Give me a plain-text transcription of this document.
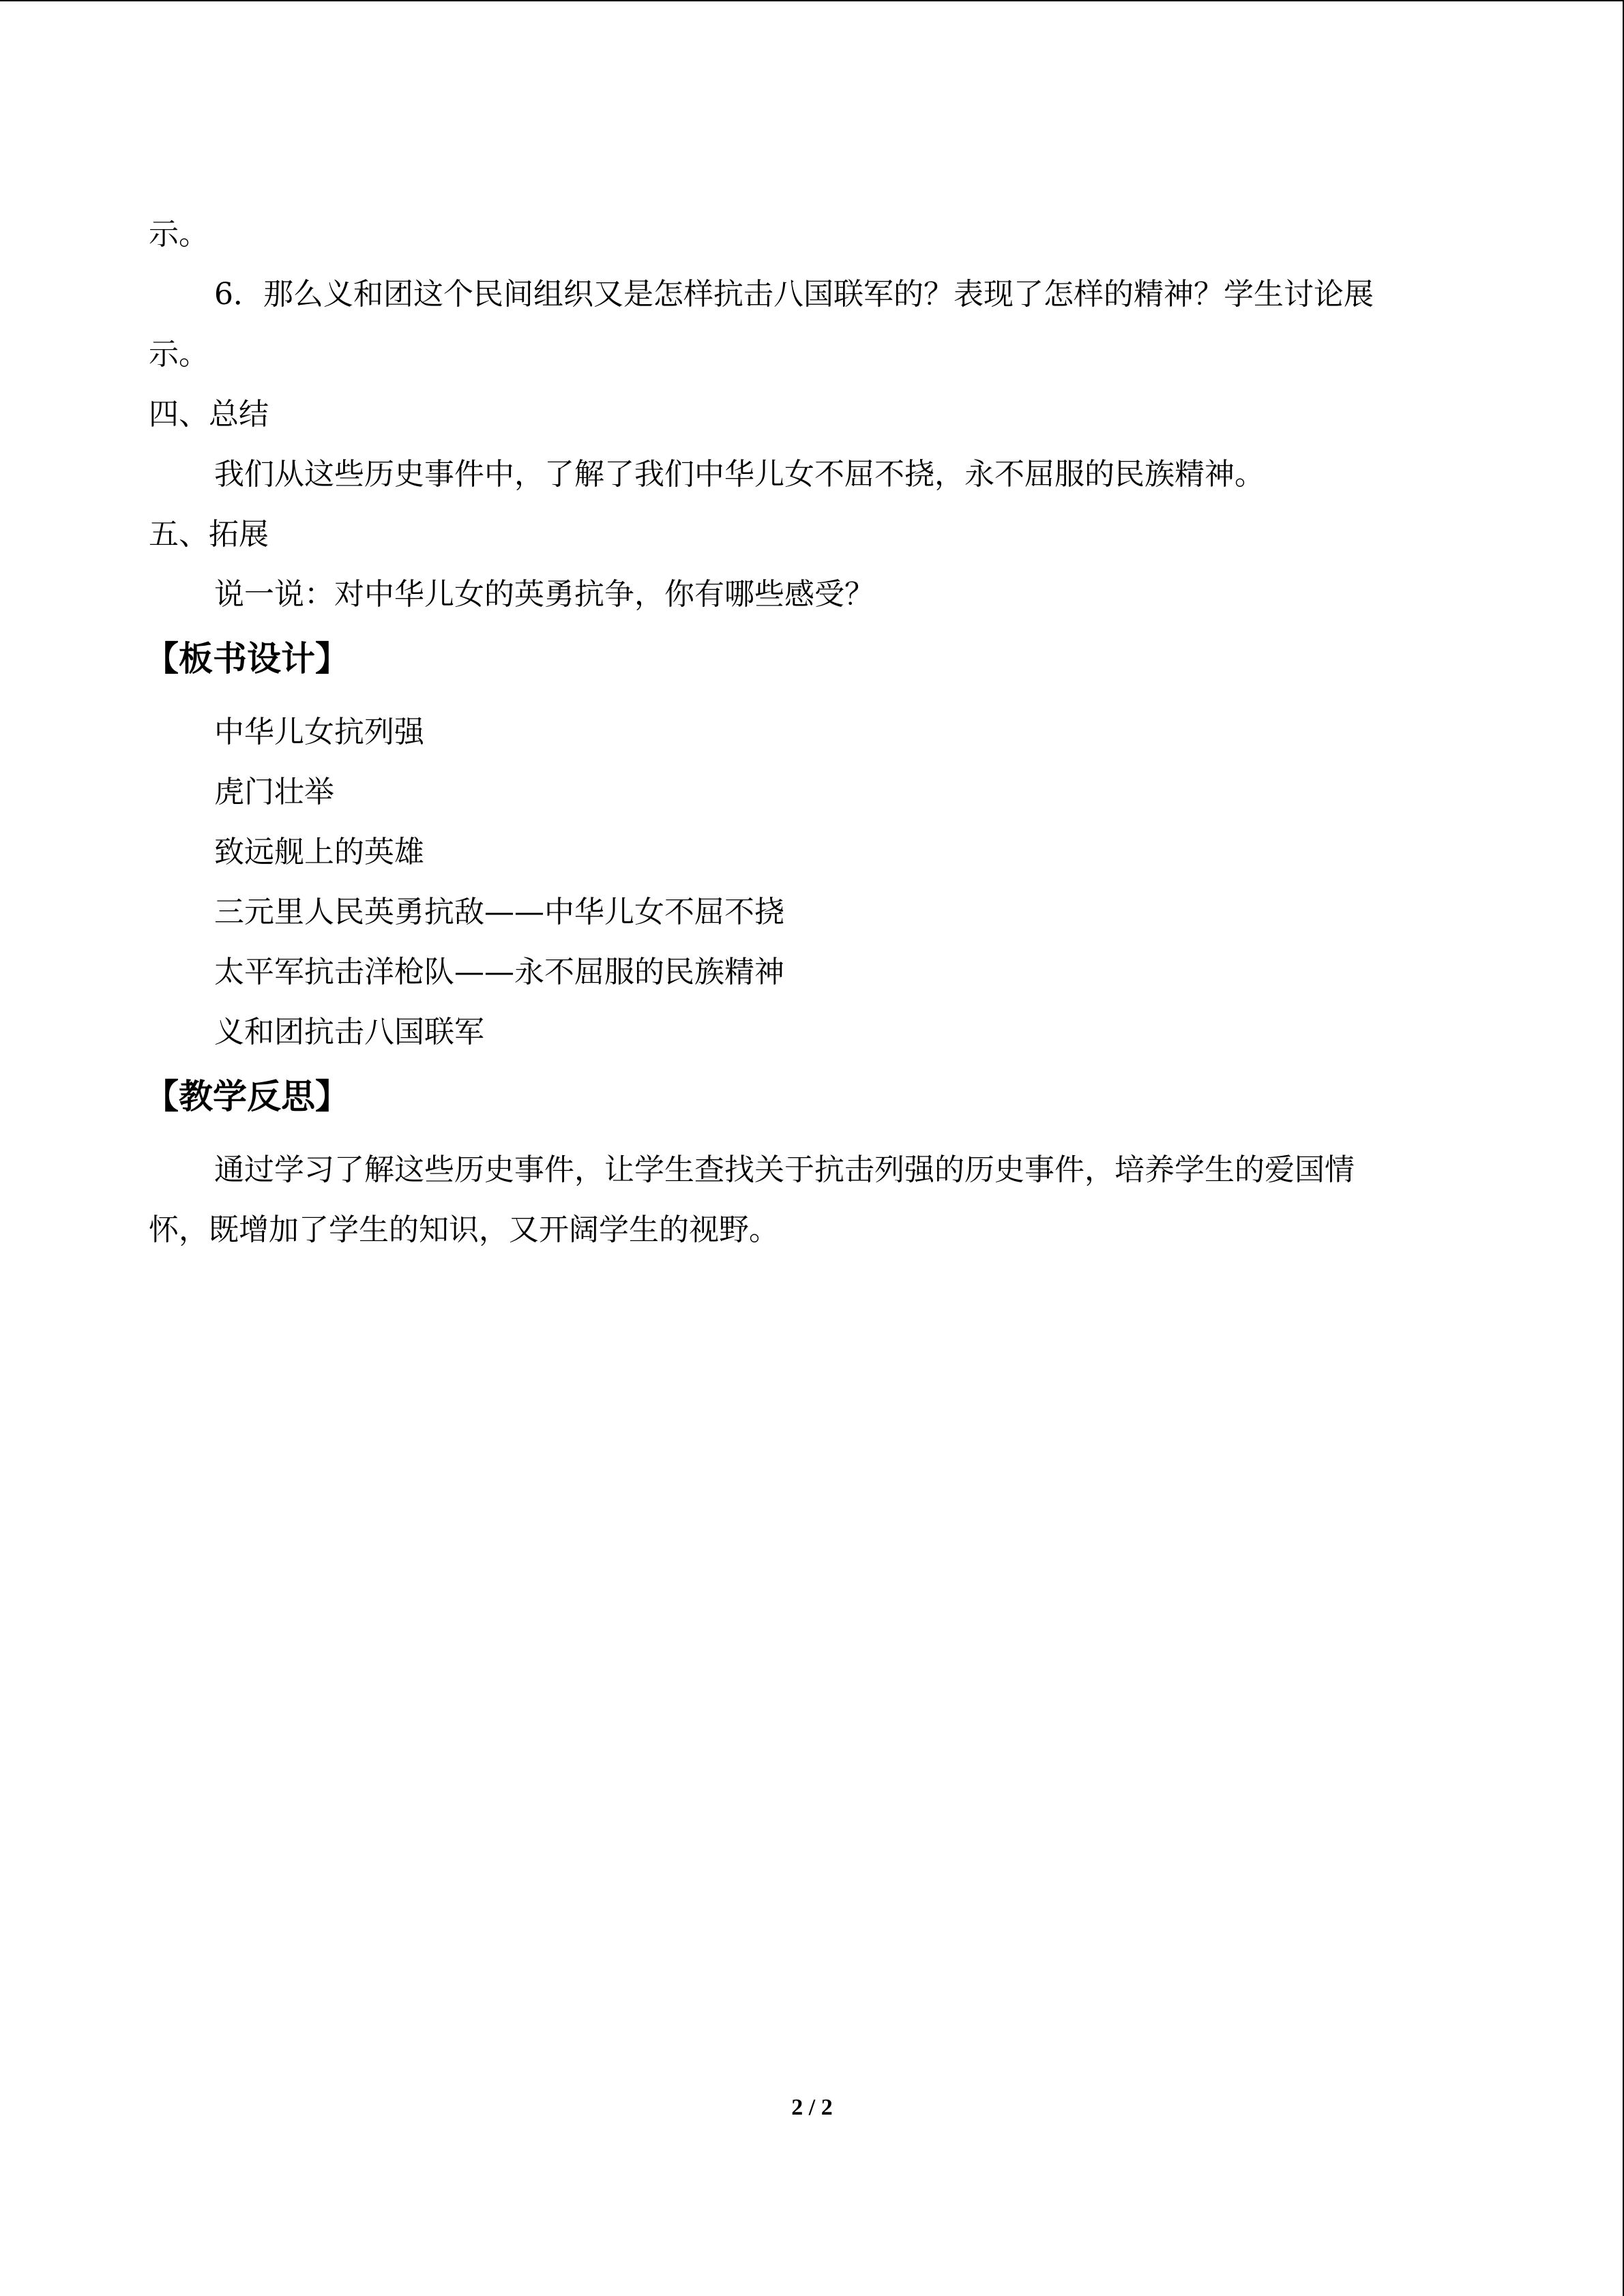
示。
6．那么义和团这个民间组织又是怎样抗击八国联军的？表现了怎样的精神？学生讨论展
示。
四、总结
我们从这些历史事件中，了解了我们中华儿女不屈不挠，永不屈服的民族精神。
五、拓展
说一说：对中华儿女的英勇抗争，你有哪些感受？
【板书设计】
中华儿女抗列强
虎门壮举
致远舰上的英雄
三元里人民英勇抗敌——中华儿女不屈不挠
太平军抗击洋枪队——永不屈服的民族精神
义和团抗击八国联军
【教学反思】
通过学习了解这些历史事件，让学生查找关于抗击列强的历史事件，培养学生的爱国情
怀，既增加了学生的知识，又开阔学生的视野。
2 / 2
